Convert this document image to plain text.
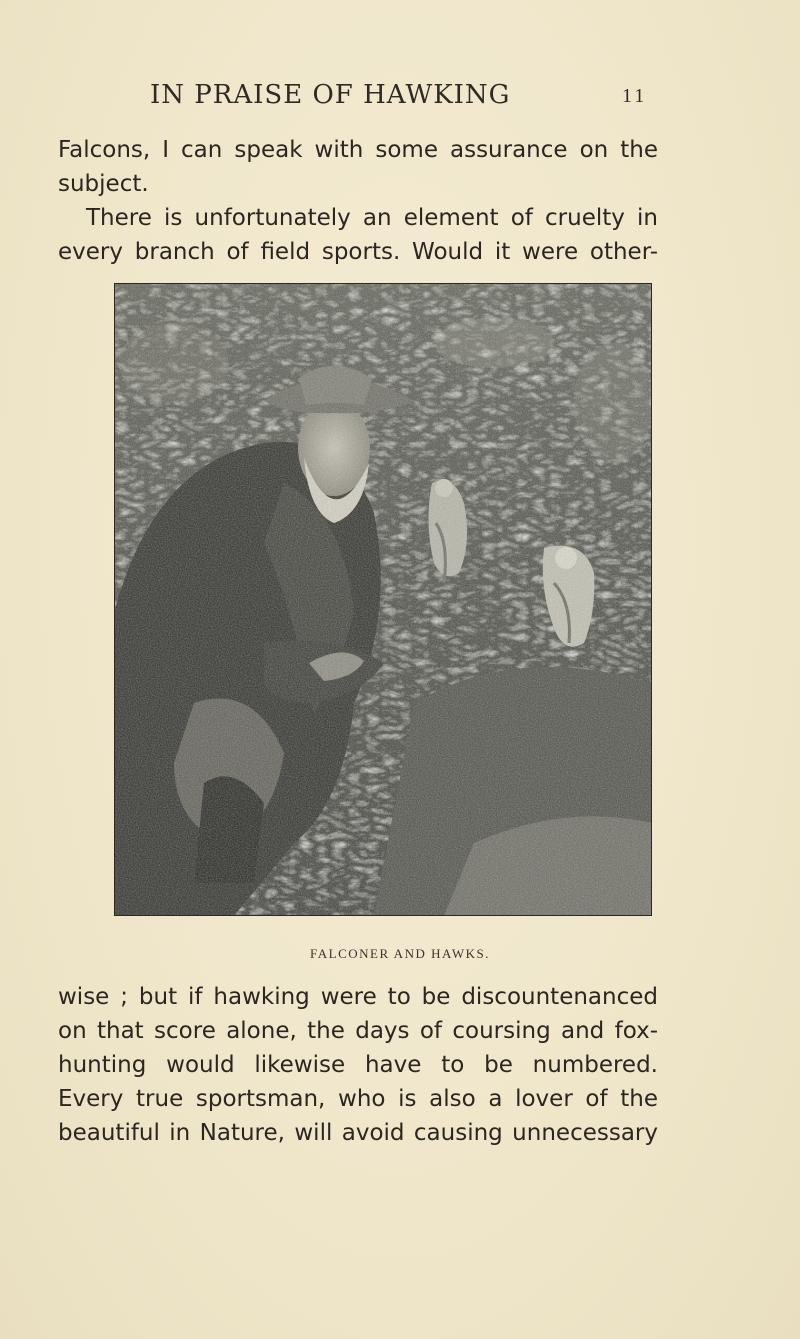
IN PRAISE OF HAWKING	11
Falcons, I can speak with some assurance on the
subject.
There is unfortunately an element of cruelty in
every branch of field sports. Would it were other-
FALCONER AND HAWKS.
wise ; but if hawking were to be discountenanced
on that score alone, the days of coursing and fox-
hunting would likewise have to be numbered.
Every true sportsman, who is also a lover of the
beautiful in Nature, will avoid causing unnecessary
